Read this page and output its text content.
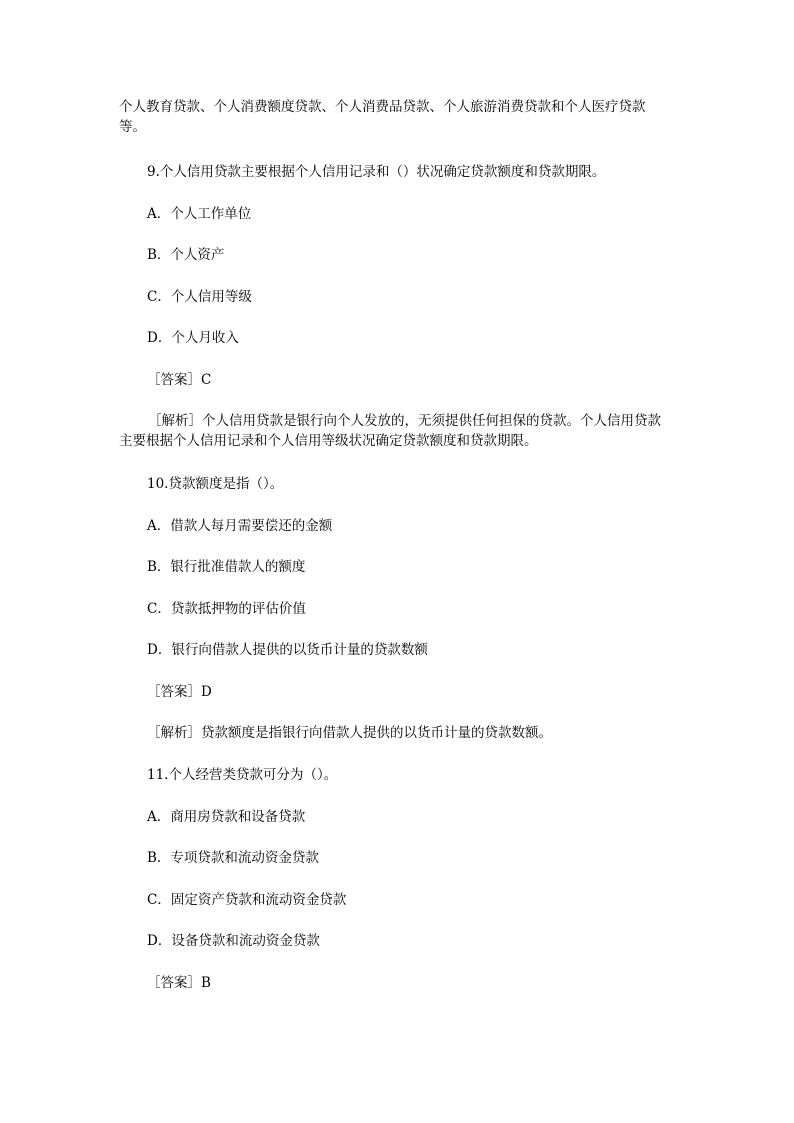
个人教育贷款、个人消费额度贷款、个人消费品贷款、个人旅游消费贷款和个人医疗贷款等。
9.个人信用贷款主要根据个人信用记录和（）状况确定贷款额度和贷款期限。
A．个人工作单位
B．个人资产
C．个人信用等级
D．个人月收入
［答案］C
［解析］个人信用贷款是银行向个人发放的，无须提供任何担保的贷款。个人信用贷款主要根据个人信用记录和个人信用等级状况确定贷款额度和贷款期限。
10.贷款额度是指（）。
A．借款人每月需要偿还的金额
B．银行批准借款人的额度
C．贷款抵押物的评估价值
D．银行向借款人提供的以货币计量的贷款数额
［答案］D
［解析］贷款额度是指银行向借款人提供的以货币计量的贷款数额。
11.个人经营类贷款可分为（）。
A．商用房贷款和设备贷款
B．专项贷款和流动资金贷款
C．固定资产贷款和流动资金贷款
D．设备贷款和流动资金贷款
［答案］B
